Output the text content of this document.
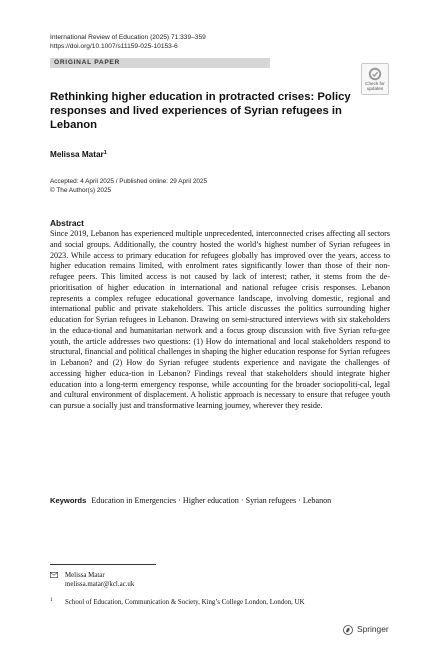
International Review of Education (2025) 71:339–359
https://doi.org/10.1007/s11159-025-10153-6
ORIGINAL PAPER
Check for
updates
Rethinking higher education in protracted crises: Policy responses and lived experiences of Syrian refugees in Lebanon
Melissa Matar$^1$
Accepted: 4 April 2025 / Published online: 29 April 2025
© The Author(s) 2025
Abstract
Since 2019, Lebanon has experienced multiple unprecedented, interconnected crises affecting all sectors and social groups. Additionally, the country hosted the world’s highest number of Syrian refugees in 2023. While access to primary education for refugees globally has improved over the years, access to higher education remains limited, with enrolment rates significantly lower than those of their non-refugee peers. This limited access is not caused by lack of interest; rather, it stems from the de-prioritisation of higher education in international and national refugee crisis responses. Lebanon represents a complex refugee educational governance landscape, involving domestic, regional and international public and private stakeholders. This article discusses the politics surrounding higher education for Syrian refugees in Lebanon. Drawing on semi-structured interviews with six stakeholders in the educa-tional and humanitarian network and a focus group discussion with five Syrian refu-gee youth, the article addresses two questions: (1) How do international and local stakeholders respond to structural, financial and political challenges in shaping the higher education response for Syrian refugees in Lebanon? and (2) How do Syrian refugee students experience and navigate the challenges of accessing higher educa-tion in Lebanon? Findings reveal that stakeholders should integrate higher education into a long-term emergency response, while accounting for the broader sociopoliti-cal, legal and cultural environment of displacement. A holistic approach is necessary to ensure that refugee youth can pursue a socially just and transformative learning journey, wherever they reside.
Keywords Education in Emergencies · Higher education · Syrian refugees · Lebanon
Melissa Matar
melissa.matar@kcl.ac.uk
1 School of Education, Communication & Society, King’s College London, London, UK
Springer
